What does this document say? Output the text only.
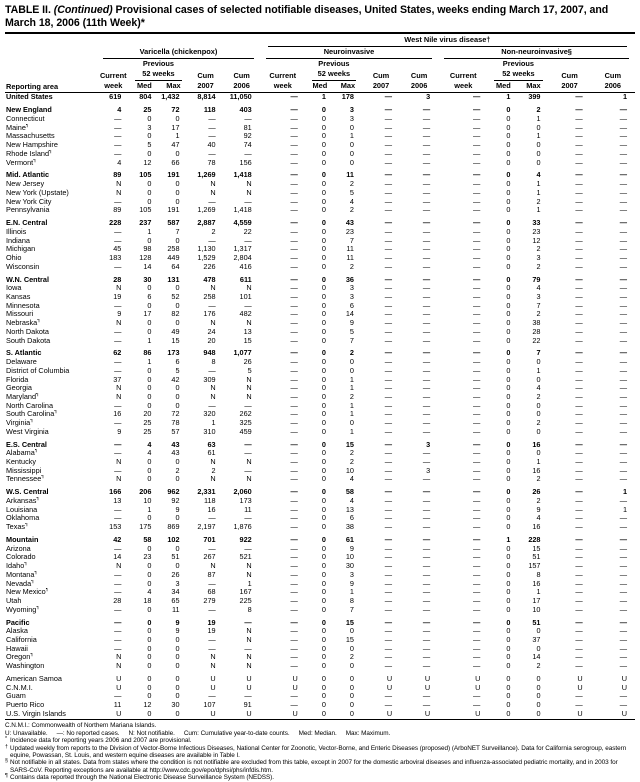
TABLE II. (Continued) Provisional cases of selected notifiable diseases, United States, weeks ending March 17, 2007, and March 18, 2006 (11th Week)*
Reporting area						West Nile virus disease†									

	Varicella (chickenpox)					Neuroinvasive					Non-neuroinvasive§				

		Previous					Previous					Previous			
	Current	52 weeks		Cum	Cum	Current	52 weeks		Cum	Cum	Current	52 weeks		Cum	Cum
	week	Med	Max	2007	2006	week	Med	Max	2007	2006	week	Med	Max	2007	2006
United States	619	804	1,432	8,814	11,050	—	1	178	—	3	—	1	399	—	1

New England	4	25	72	118	403	—	0	3	—	—	—	0	2	—	—
Connecticut	—	0	0	—	—	—	0	3	—	—	—	0	1	—	—
Maine¶	—	3	17	—	81	—	0	0	—	—	—	0	0	—	—
Massachusetts	—	0	1	—	92	—	0	1	—	—	—	0	1	—	—
New Hampshire	—	5	47	40	74	—	0	0	—	—	—	0	0	—	—
Rhode Island¶	—	0	0	—	—	—	0	0	—	—	—	0	0	—	—
Vermont¶	4	12	66	78	156	—	0	0	—	—	—	0	0	—	—

Mid. Atlantic	89	105	191	1,269	1,418	—	0	11	—	—	—	0	4	—	—
New Jersey	N	0	0	N	N	—	0	2	—	—	—	0	1	—	—
New York (Upstate)	N	0	0	N	N	—	0	5	—	—	—	0	1	—	—
New York City	—	0	0	—	—	—	0	4	—	—	—	0	2	—	—
Pennsylvania	89	105	191	1,269	1,418	—	0	2	—	—	—	0	1	—	—

E.N. Central	228	237	587	2,887	4,559	—	0	43	—	—	—	0	33	—	—
Illinois	—	1	7	2	22	—	0	23	—	—	—	0	23	—	—
Indiana	—	0	0	—	—	—	0	7	—	—	—	0	12	—	—
Michigan	45	98	258	1,130	1,317	—	0	11	—	—	—	0	2	—	—
Ohio	183	128	449	1,529	2,804	—	0	11	—	—	—	0	3	—	—
Wisconsin	—	14	64	226	416	—	0	2	—	—	—	0	2	—	—

W.N. Central	28	30	131	478	611	—	0	36	—	—	—	0	79	—	—
Iowa	N	0	0	N	N	—	0	3	—	—	—	0	4	—	—
Kansas	19	6	52	258	101	—	0	3	—	—	—	0	3	—	—
Minnesota	—	0	0	—	—	—	0	6	—	—	—	0	7	—	—
Missouri	9	17	82	176	482	—	0	14	—	—	—	0	2	—	—
Nebraska¶	N	0	0	N	N	—	0	9	—	—	—	0	38	—	—
North Dakota	—	0	49	24	13	—	0	5	—	—	—	0	28	—	—
South Dakota	—	1	15	20	15	—	0	7	—	—	—	0	22	—	—

S. Atlantic	62	86	173	948	1,077	—	0	2	—	—	—	0	7	—	—
Delaware	—	1	6	8	26	—	0	0	—	—	—	0	0	—	—
District of Columbia	—	0	5	—	5	—	0	0	—	—	—	0	1	—	—
Florida	37	0	42	309	N	—	0	1	—	—	—	0	0	—	—
Georgia	N	0	0	N	N	—	0	1	—	—	—	0	4	—	—
Maryland¶	N	0	0	N	N	—	0	2	—	—	—	0	2	—	—
North Carolina	—	0	0	—	—	—	0	1	—	—	—	0	0	—	—
South Carolina¶	16	20	72	320	262	—	0	1	—	—	—	0	0	—	—
Virginia¶	—	25	78	1	325	—	0	0	—	—	—	0	2	—	—
West Virginia	9	25	57	310	459	—	0	1	—	—	—	0	0	—	—

E.S. Central	—	4	43	63	—	—	0	15	—	3	—	0	16	—	—
Alabama¶	—	4	43	61	—	—	0	2	—	—	—	0	0	—	—
Kentucky	N	0	0	N	N	—	0	2	—	—	—	0	1	—	—
Mississippi	—	0	2	2	—	—	0	10	—	3	—	0	16	—	—
Tennessee¶	N	0	0	N	N	—	0	4	—	—	—	0	2	—	—

W.S. Central	166	206	962	2,331	2,060	—	0	58	—	—	—	0	26	—	1
Arkansas¶	13	10	92	118	173	—	0	4	—	—	—	0	2	—	—
Louisiana	—	1	9	16	11	—	0	13	—	—	—	0	9	—	1
Oklahoma	—	0	0	—	—	—	0	6	—	—	—	0	4	—	—
Texas¶	153	175	869	2,197	1,876	—	0	38	—	—	—	0	16	—	—

Mountain	42	58	102	701	922	—	0	61	—	—	—	1	228	—	—
Arizona	—	0	0	—	—	—	0	9	—	—	—	0	15	—	—
Colorado	14	23	51	267	521	—	0	10	—	—	—	0	51	—	—
Idaho¶	N	0	0	N	N	—	0	30	—	—	—	0	157	—	—
Montana¶	—	0	26	87	N	—	0	3	—	—	—	0	8	—	—
Nevada¶	—	0	3	—	1	—	0	9	—	—	—	0	16	—	—
New Mexico¶	—	4	34	68	167	—	0	1	—	—	—	0	1	—	—
Utah	28	18	65	279	225	—	0	8	—	—	—	0	17	—	—
Wyoming¶	—	0	11	—	8	—	0	7	—	—	—	0	10	—	—

Pacific	—	0	9	19	—	—	0	15	—	—	—	0	51	—	—
Alaska	—	0	9	19	N	—	0	0	—	—	—	0	0	—	—
California	—	0	0	—	N	—	0	15	—	—	—	0	37	—	—
Hawaii	—	0	0	—	—	—	0	0	—	—	—	0	0	—	—
Oregon¶	N	0	0	N	N	—	0	2	—	—	—	0	14	—	—
Washington	N	0	0	N	N	—	0	0	—	—	—	0	2	—	—

American Samoa	U	0	0	U	U	U	0	0	U	U	U	0	0	U	U
C.N.M.I.	U	0	0	U	U	U	0	0	U	U	U	0	0	U	U
Guam	—	0	0	—	—	—	0	0	—	—	—	0	0	—	—
Puerto Rico	11	12	30	107	91	—	0	0	—	—	—	0	0	—	—
U.S. Virgin Islands	U	0	0	U	U	U	0	0	U	U	U	0	0	U	U
C.N.M.I.: Commonwealth of Northern Mariana Islands.
U: Unavailable. —: No reported cases. N: Not notifiable. Cum: Cumulative year-to-date counts. Med: Median. Max: Maximum.
* Incidence data for reporting years 2006 and 2007 are provisional.
† Updated weekly from reports to the Division of Vector-Borne Infectious Diseases, National Center for Zoonotic, Vector-Borne, and Enteric Diseases (proposed) (ArboNET Surveillance). Data for California serogroup, eastern equine, Powassan, St. Louis, and western equine diseases are available in Table I.
§ Not notifiable in all states. Data from states where the condition is not notifiable are excluded from this table, except in 2007 for the domestic arboviral diseases and influenza-associated pediatric mortality, and in 2003 for SARS-CoV. Reporting exceptions are available at http://www.cdc.gov/epo/dphsi/phs/infdis.htm.
¶ Contains data reported through the National Electronic Disease Surveillance System (NEDSS).
